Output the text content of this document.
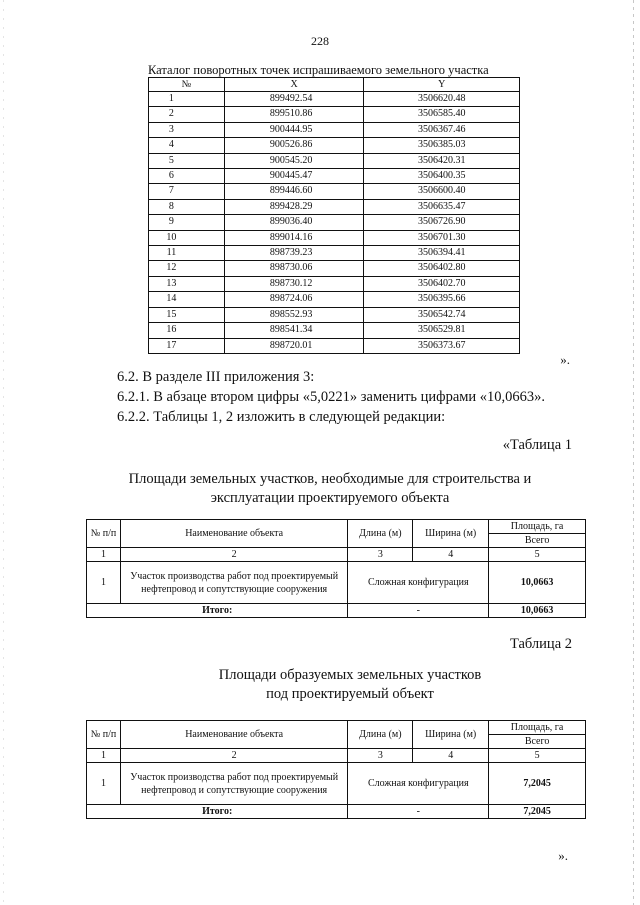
228
Каталог поворотных точек испрашиваемого земельного участка
№	X	Y
1	899492.54	3506620.48
2	899510.86	3506585.40
3	900444.95	3506367.46
4	900526.86	3506385.03
5	900545.20	3506420.31
6	900445.47	3506400.35
7	899446.60	3506600.40
8	899428.29	3506635.47
9	899036.40	3506726.90
10	899014.16	3506701.30
11	898739.23	3506394.41
12	898730.06	3506402.80
13	898730.12	3506402.70
14	898724.06	3506395.66
15	898552.93	3506542.74
16	898541.34	3506529.81
17	898720.01	3506373.67
».
6.2. В разделе III приложения 3:
6.2.1. В абзаце втором цифры «5,0221» заменить цифрами «10,0663».
6.2.2. Таблицы 1, 2 изложить в следующей редакции:
«Таблица 1
Площади земельных участков, необходимые для строительства и
эксплуатации проектируемого объекта
№ п/п	Наименование объекта	Длина (м)	Ширина (м)	Площадь, га
				Всего
1	2	3	4	5
1	Участок производства работ под проектируемый нефтепровод и сопутствующие сооружения	Сложная конфигурация		10,0663
Итого:		-		10,0663
Таблица 2
Площади образуемых земельных участков
под проектируемый объект
№ п/п	Наименование объекта	Длина (м)	Ширина (м)	Площадь, га
				Всего
1	2	3	4	5
1	Участок производства работ под проектируемый нефтепровод и сопутствующие сооружения	Сложная конфигурация		7,2045
Итого:		-		7,2045
».
